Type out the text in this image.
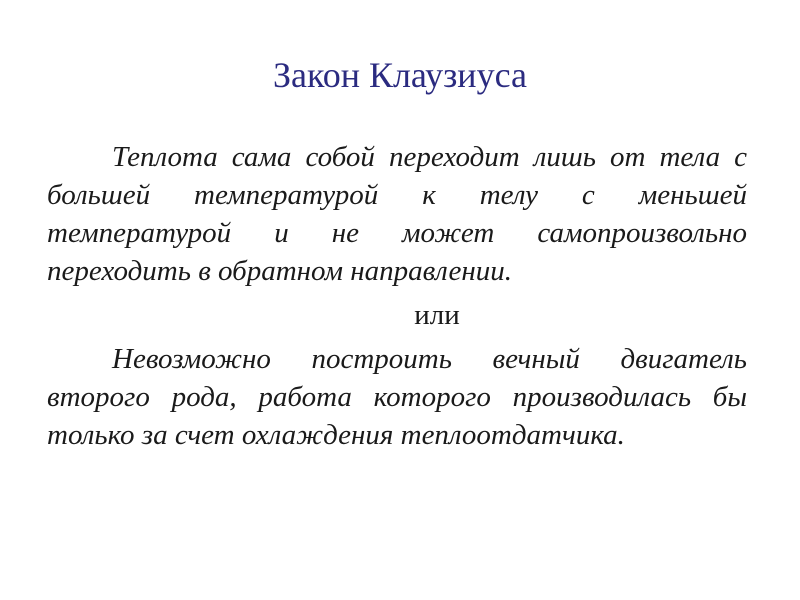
Закон Клаузиуса

Теплота сама собой переходит лишь от тела с большей температурой к телу с меньшей температурой и не может самопроизвольно переходить в обратном направлении.

или

Невозможно построить вечный двигатель второго рода, работа которого производилась бы только за счет охлаждения теплоотдатчика.
